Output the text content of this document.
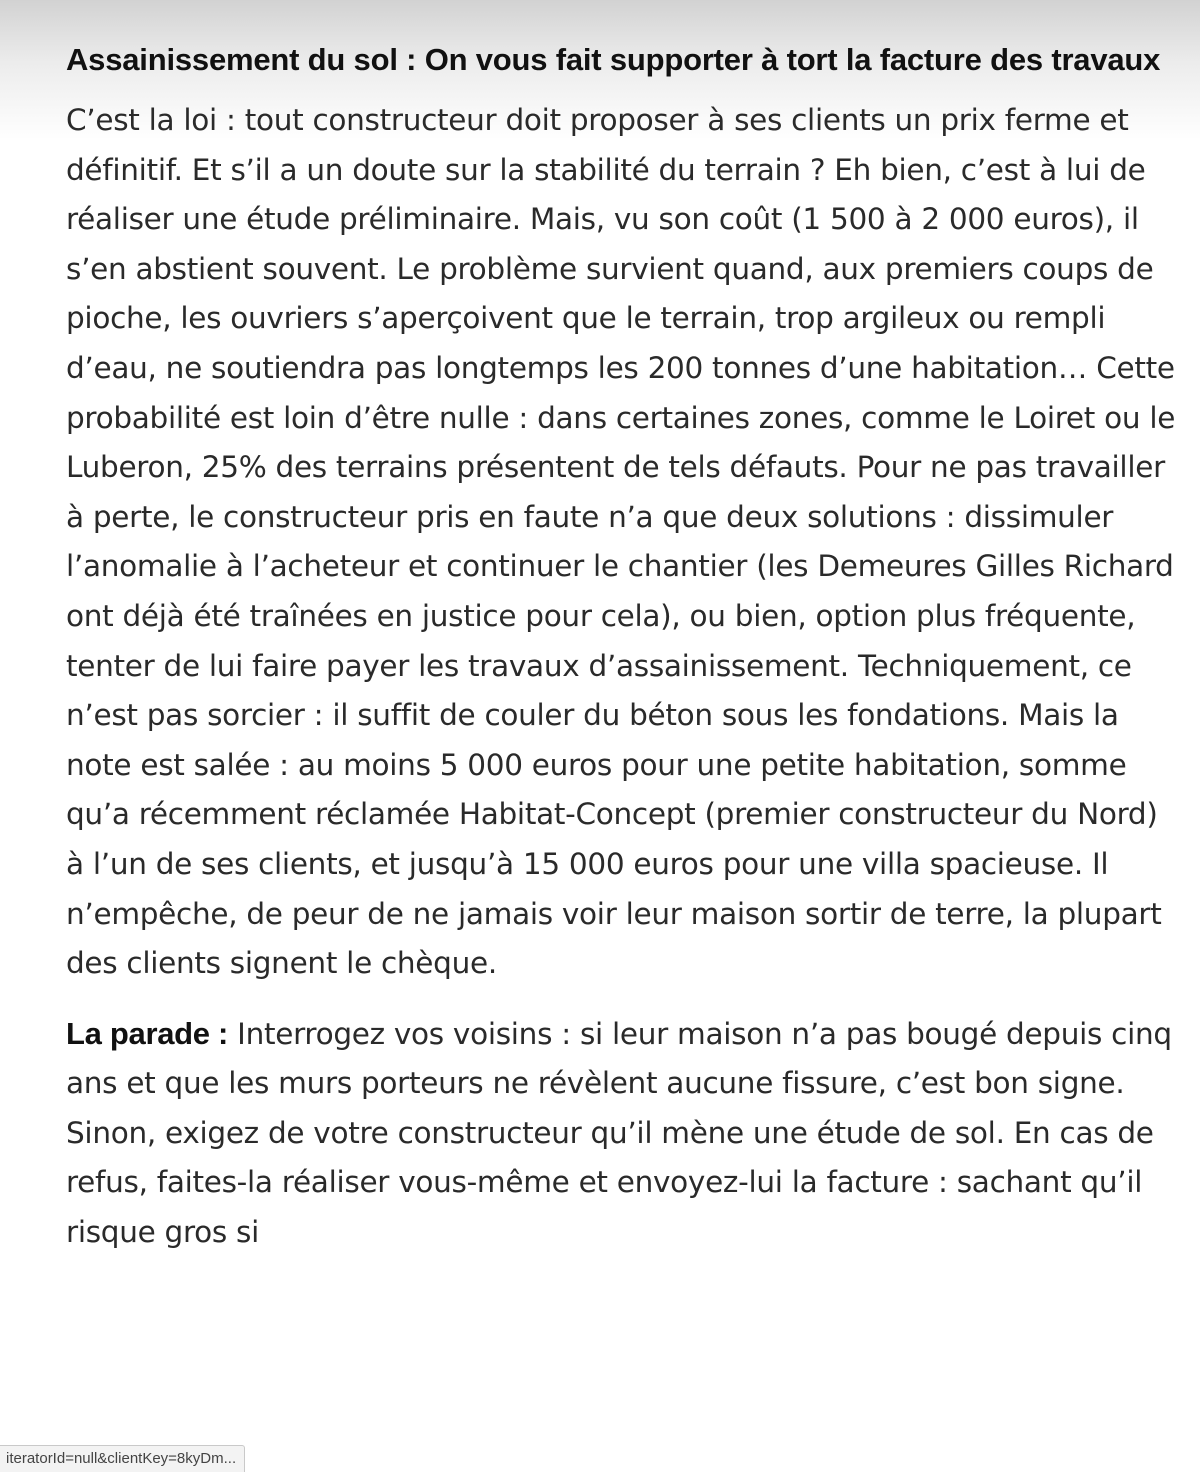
Assainissement du sol : On vous fait supporter à tort la facture des travaux

C’est la loi : tout constructeur doit proposer à ses clients un prix ferme et définitif. Et s’il a un doute sur la stabilité du terrain ? Eh bien, c’est à lui de réaliser une étude préliminaire. Mais, vu son coût (1 500 à 2 000 euros), il s’en abstient souvent. Le problème survient quand, aux premiers coups de pioche, les ouvriers s’aperçoivent que le terrain, trop argileux ou rempli d’eau, ne soutiendra pas longtemps les 200 tonnes d’une habitation… Cette probabilité est loin d’être nulle : dans certaines zones, comme le Loiret ou le Luberon, 25% des terrains présentent de tels défauts. Pour ne pas travailler à perte, le constructeur pris en faute n’a que deux solutions : dissimuler l’anomalie à l’acheteur et continuer le chantier (les Demeures Gilles Richard ont déjà été traînées en justice pour cela), ou bien, option plus fréquente, tenter de lui faire payer les travaux d’assainissement. Techniquement, ce n’est pas sorcier : il suffit de couler du béton sous les fondations. Mais la note est salée : au moins 5 000 euros pour une petite habitation, somme qu’a récemment réclamée Habitat-Concept (premier constructeur du Nord) à l’un de ses clients, et jusqu’à 15 000 euros pour une villa spacieuse. Il n’empêche, de peur de ne jamais voir leur maison sortir de terre, la plupart des clients signent le chèque.

La parade : Interrogez vos voisins : si leur maison n’a pas bougé depuis cinq ans et que les murs porteurs ne révèlent aucune fissure, c’est bon signe. Sinon, exigez de votre constructeur qu’il mène une étude de sol. En cas de refus, faites-la réaliser vous-même et envoyez-lui la facture : sachant qu’il risque gros si

iteratorId=null&clientKey=8kyDm...
